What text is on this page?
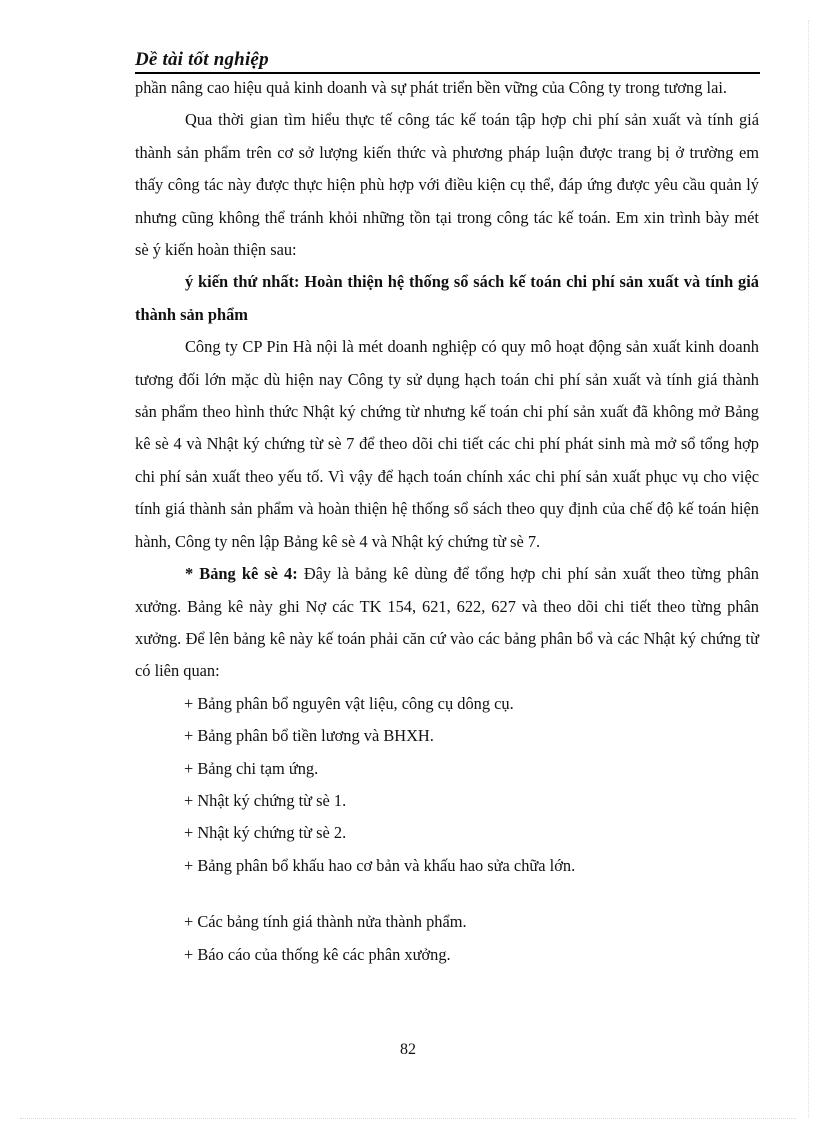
Dề tài tốt nghiệp

phần nâng cao hiệu quả kinh doanh và sự phát triển bền vững của Công ty trong tương lai.

Qua thời gian tìm hiểu thực tế công tác kế toán tập hợp chi phí sản xuất và tính giá thành sản phẩm trên cơ sở lượng kiến thức và phương pháp luận được trang bị ở trường em thấy công tác này được thực hiện phù hợp với điều kiện cụ thể, đáp ứng được yêu cầu quản lý nhưng cũng không thể tránh khỏi những tồn tại trong công tác kế toán. Em xin trình bày mét sè ý kiến hoàn thiện sau:

ý kiến thứ nhất: Hoàn thiện hệ thống sổ sách kế toán chi phí sản xuất và tính giá thành sản phẩm

Công ty CP Pin Hà nội là mét doanh nghiệp có quy mô hoạt động sản xuất kinh doanh tương đối lớn mặc dù hiện nay Công ty sử dụng hạch toán chi phí sản xuất và tính giá thành sản phẩm theo hình thức Nhật ký chứng từ nhưng kế toán chi phí sản xuất đã không mở Bảng kê sè 4 và Nhật ký chứng từ sè 7 để theo dõi chi tiết các chi phí phát sinh mà mở sổ tổng hợp chi phí sản xuất theo yếu tố. Vì vậy để hạch toán chính xác chi phí sản xuất phục vụ cho việc tính giá thành sản phẩm và hoàn thiện hệ thống sổ sách theo quy định của chế độ kế toán hiện hành, Công ty nên lập Bảng kê sè 4 và Nhật ký chứng từ sè 7.

* Bảng kê sè 4: Đây là bảng kê dùng để tổng hợp chi phí sản xuất theo từng phân xưởng. Bảng kê này ghi Nợ các TK 154, 621, 622, 627 và theo dõi chi tiết theo từng phân xưởng. Để lên bảng kê này kế toán phải căn cứ vào các bảng phân bổ và các Nhật ký chứng từ có liên quan:

+ Bảng phân bổ nguyên vật liệu, công cụ dông cụ.

+ Bảng phân bổ tiền lương và BHXH.

+ Bảng chi tạm ứng.

+ Nhật ký chứng từ sè 1.

+ Nhật ký chứng từ sè 2.

+ Bảng phân bổ khấu hao cơ bản và khấu hao sửa chữa lớn.

+ Các bảng tính giá thành nửa thành phẩm.

+ Báo cáo của thống kê các phân xưởng.

82
